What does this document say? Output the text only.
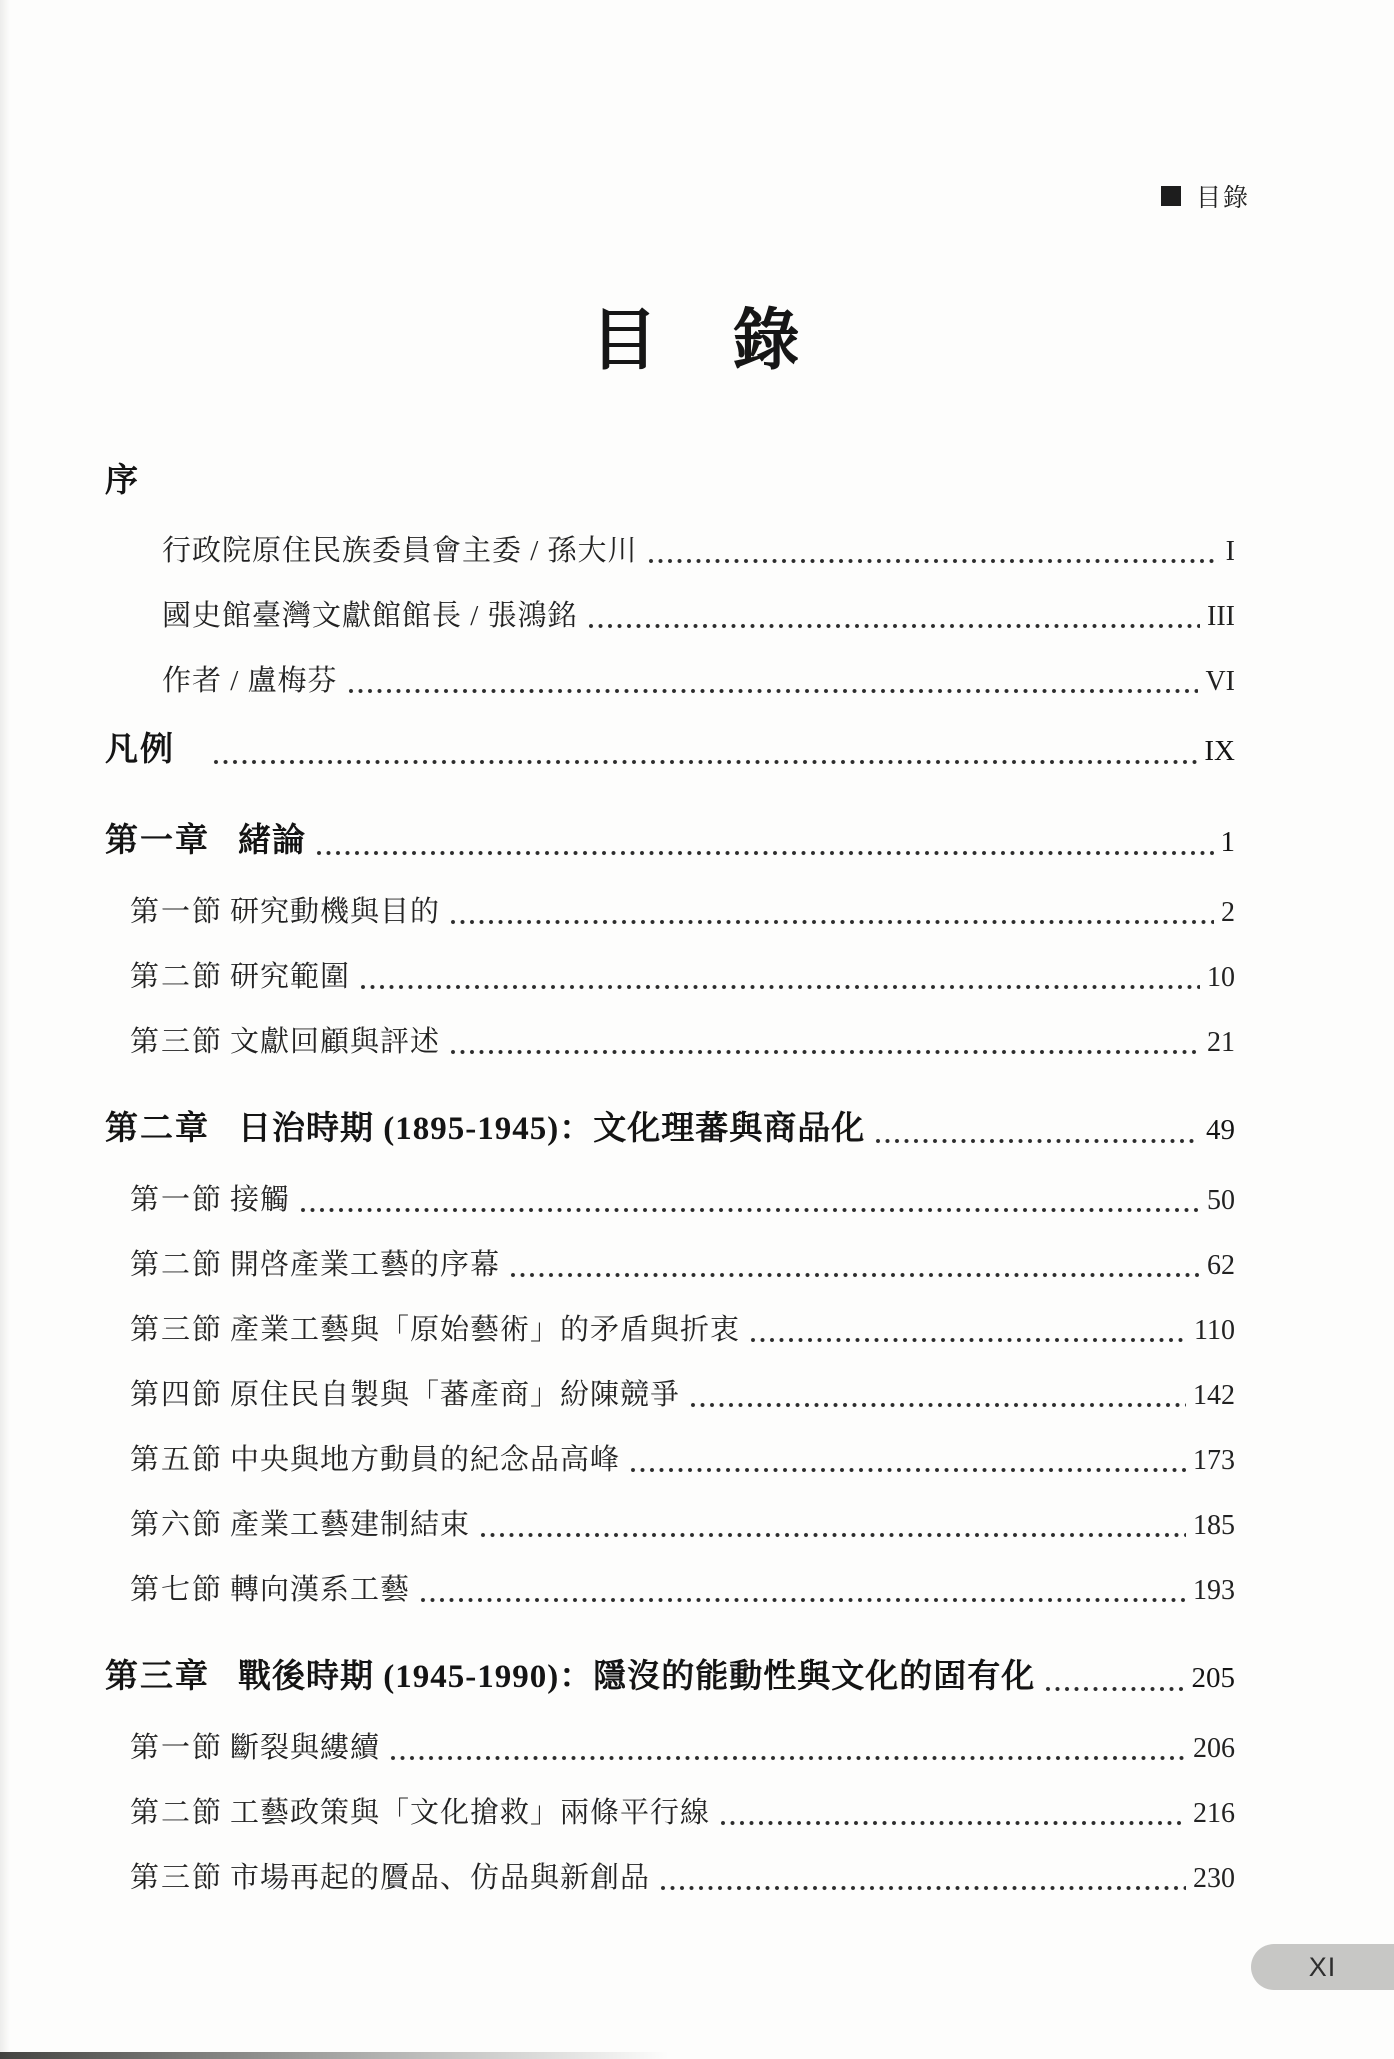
目錄
目　錄
序
行政院原住民族委員會主委 / 孫大川	I
國史館臺灣文獻館館長 / 張鴻銘	III
作者 / 盧梅芬	VI
凡例	IX
第一章 緒論	1
第一節 研究動機與目的	2
第二節 研究範圍	10
第三節 文獻回顧與評述	21
第二章 日治時期 (1895-1945)：文化理蕃與商品化	49
第一節 接觸	50
第二節 開啓產業工藝的序幕	62
第三節 產業工藝與「原始藝術」的矛盾與折衷	110
第四節 原住民自製與「蕃產商」紛陳競爭	142
第五節 中央與地方動員的紀念品高峰	173
第六節 產業工藝建制結束	185
第七節 轉向漢系工藝	193
第三章 戰後時期 (1945-1990)：隱沒的能動性與文化的固有化	205
第一節 斷裂與縷續	206
第二節 工藝政策與「文化搶救」兩條平行線	216
第三節 市場再起的贗品、仿品與新創品	230
XI
